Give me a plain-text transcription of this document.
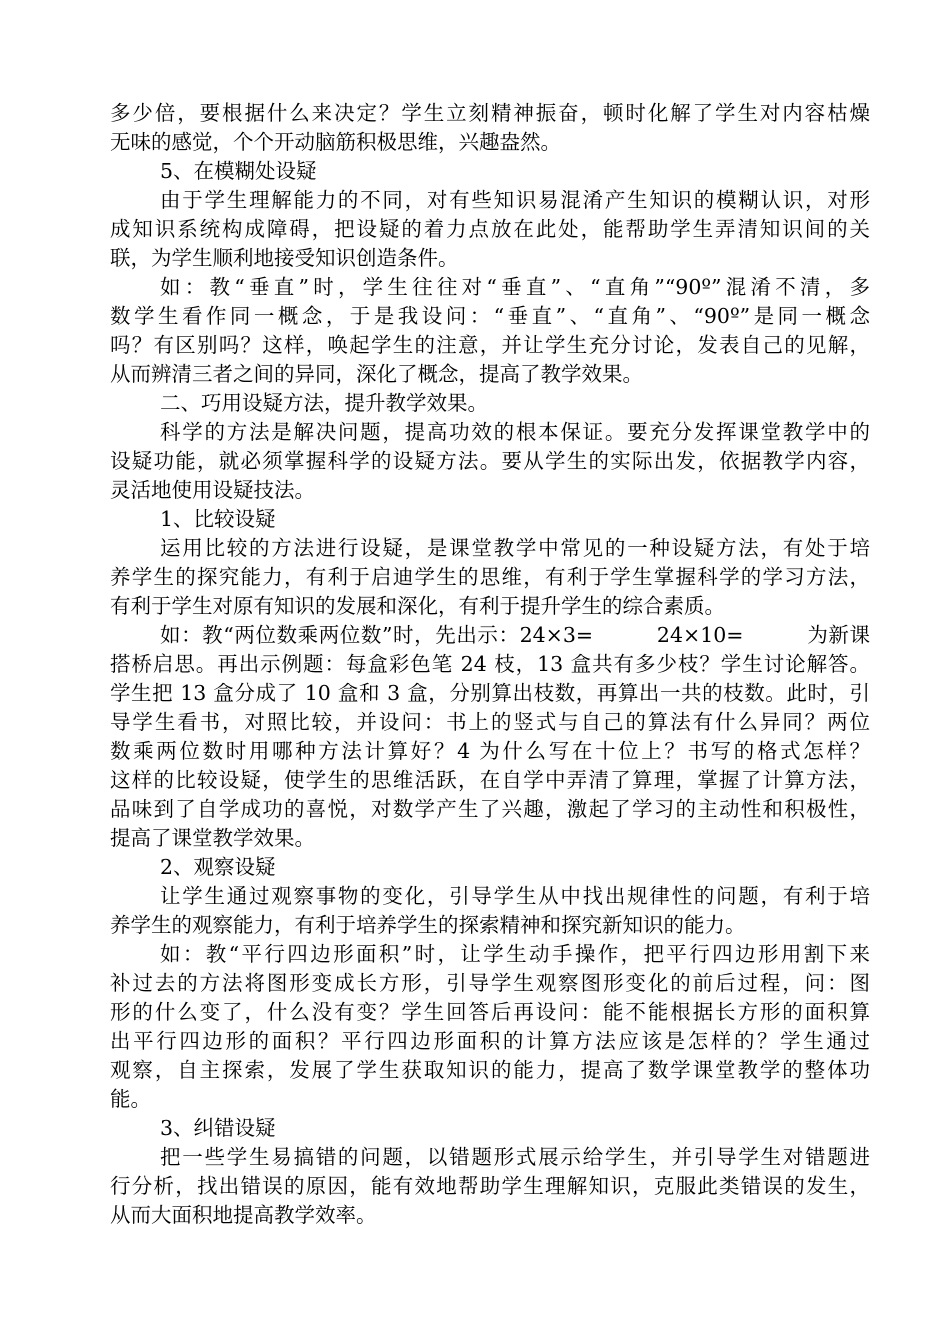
多少倍，要根据什么来决定？学生立刻精神振奋，顿时化解了学生对内容枯燥
无味的感觉，个个开动脑筋积极思维，兴趣盎然。
5、在模糊处设疑
由于学生理解能力的不同，对有些知识易混淆产生知识的模糊认识，对形
成知识系统构成障碍，把设疑的着力点放在此处，能帮助学生弄清知识间的关
联，为学生顺利地接受知识创造条件。
如：教“垂直”时，学生往往对“垂直”、“直角”“90º”混淆不清，多
数学生看作同一概念，于是我设问：“垂直”、“直角”、“90º”是同一概念
吗？有区别吗？这样，唤起学生的注意，并让学生充分讨论，发表自己的见解，
从而辨清三者之间的异同，深化了概念，提高了教学效果。
二、巧用设疑方法，提升教学效果。
科学的方法是解决问题，提高功效的根本保证。要充分发挥课堂教学中的
设疑功能，就必须掌握科学的设疑方法。要从学生的实际出发，依据教学内容，
灵活地使用设疑技法。
1、比较设疑
运用比较的方法进行设疑，是课堂教学中常见的一种设疑方法，有处于培
养学生的探究能力，有利于启迪学生的思维，有利于学生掌握科学的学习方法，
有利于学生对原有知识的发展和深化，有利于提升学生的综合素质。
如：教“两位数乘两位数”时，先出示：24×3=　　　24×10=　　　为新课
搭桥启思。再出示例题：每盒彩色笔 24 枝，13 盒共有多少枝？学生讨论解答。
学生把 13 盒分成了 10 盒和 3 盒，分别算出枝数，再算出一共的枝数。此时，引
导学生看书，对照比较，并设问：书上的竖式与自己的算法有什么异同？两位
数乘两位数时用哪种方法计算好？4 为什么写在十位上？书写的格式怎样？
这样的比较设疑，使学生的思维活跃，在自学中弄清了算理，掌握了计算方法，
品味到了自学成功的喜悦，对数学产生了兴趣，激起了学习的主动性和积极性，
提高了课堂教学效果。
2、观察设疑
让学生通过观察事物的变化，引导学生从中找出规律性的问题，有利于培
养学生的观察能力，有利于培养学生的探索精神和探究新知识的能力。
如：教“平行四边形面积”时，让学生动手操作，把平行四边形用割下来
补过去的方法将图形变成长方形，引导学生观察图形变化的前后过程，问：图
形的什么变了，什么没有变？学生回答后再设问：能不能根据长方形的面积算
出平行四边形的面积？平行四边形面积的计算方法应该是怎样的？学生通过
观察，自主探索，发展了学生获取知识的能力，提高了数学课堂教学的整体功
能。
3、纠错设疑
把一些学生易搞错的问题，以错题形式展示给学生，并引导学生对错题进
行分析，找出错误的原因，能有效地帮助学生理解知识，克服此类错误的发生，
从而大面积地提高教学效率。
